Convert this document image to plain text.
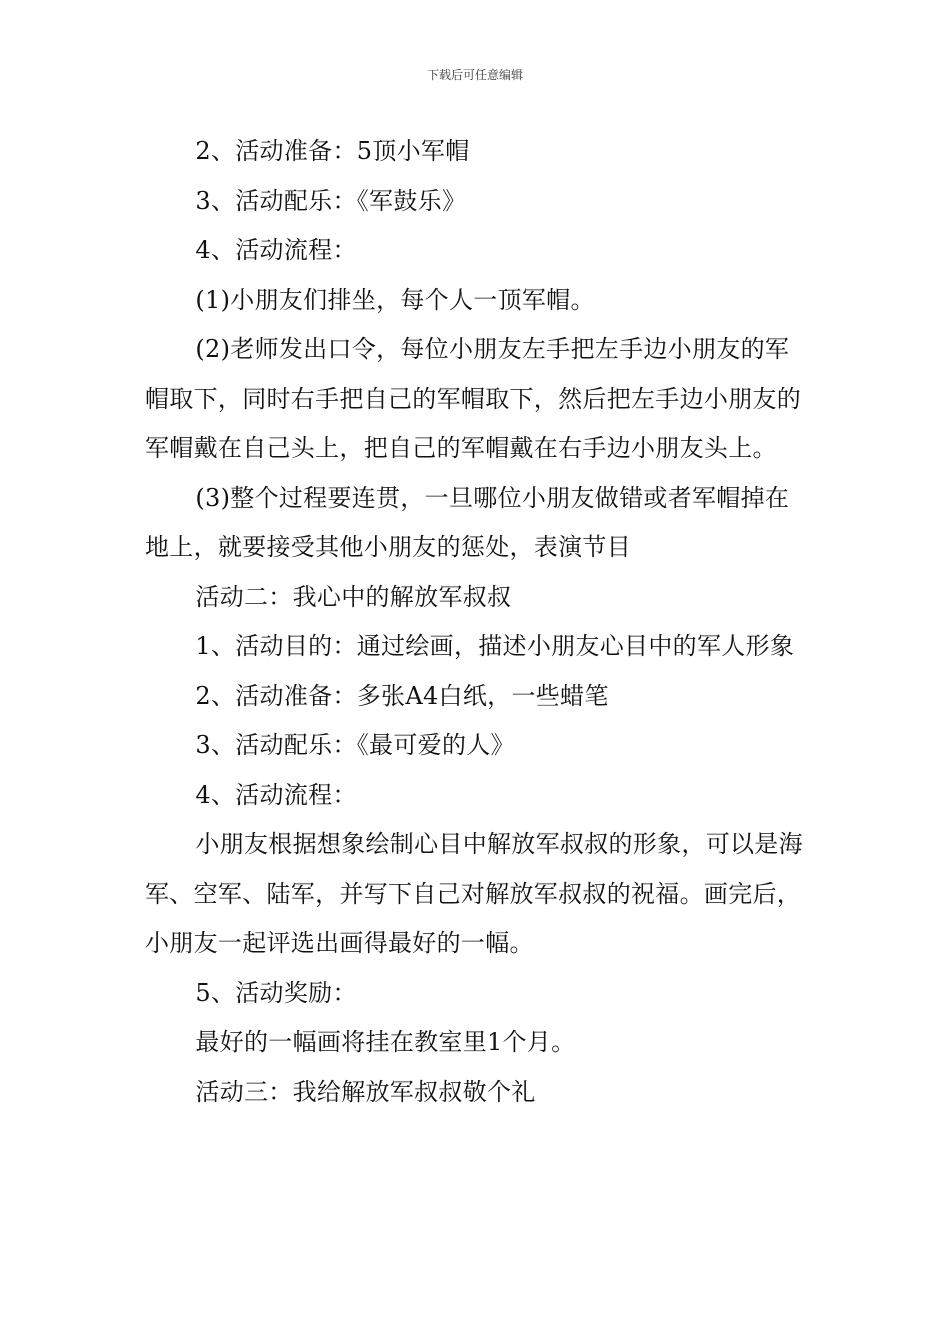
下载后可任意编辑

2、活动准备：5顶小军帽

3、活动配乐：《军鼓乐》

4、活动流程：

(1)小朋友们排坐，每个人一顶军帽。

(2)老师发出口令，每位小朋友左手把左手边小朋友的军帽取下，同时右手把自己的军帽取下，然后把左手边小朋友的军帽戴在自己头上，把自己的军帽戴在右手边小朋友头上。

(3)整个过程要连贯，一旦哪位小朋友做错或者军帽掉在地上，就要接受其他小朋友的惩处，表演节目

活动二：我心中的解放军叔叔

1、活动目的：通过绘画，描述小朋友心目中的军人形象

2、活动准备：多张A4白纸，一些蜡笔

3、活动配乐：《最可爱的人》

4、活动流程：

小朋友根据想象绘制心目中解放军叔叔的形象，可以是海军、空军、陆军，并写下自己对解放军叔叔的祝福。画完后，小朋友一起评选出画得最好的一幅。

5、活动奖励：

最好的一幅画将挂在教室里1个月。

活动三：我给解放军叔叔敬个礼
